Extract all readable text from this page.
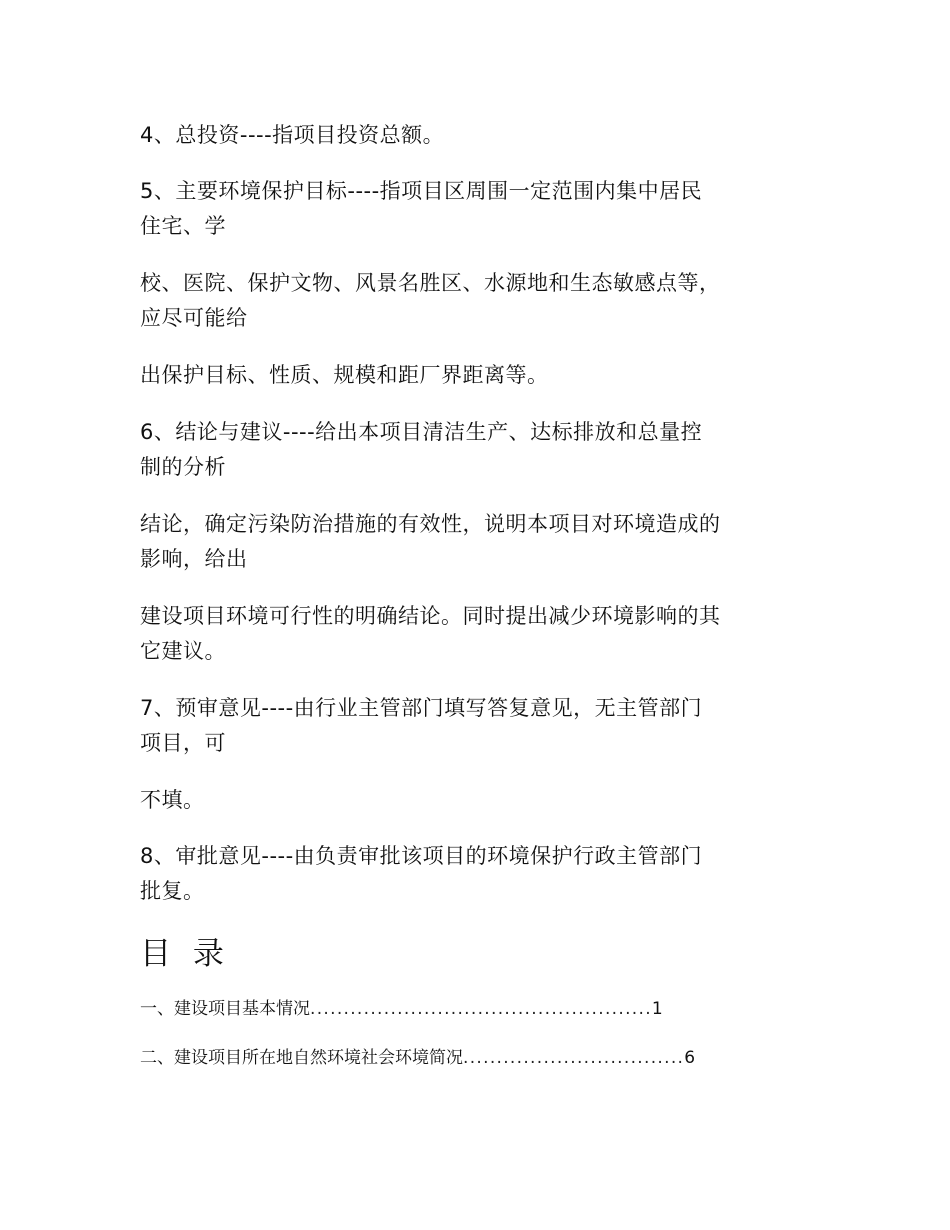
4、总投资----指项目投资总额。

5、主要环境保护目标----指项目区周围一定范围内集中居民
住宅、学

校、医院、保护文物、风景名胜区、水源地和生态敏感点等，
应尽可能给

出保护目标、性质、规模和距厂界距离等。

6、结论与建议----给出本项目清洁生产、达标排放和总量控
制的分析

结论，确定污染防治措施的有效性，说明本项目对环境造成的
影响，给出

建设项目环境可行性的明确结论。同时提出减少环境影响的其
它建议。

7、预审意见----由行业主管部门填写答复意见，无主管部门
项目，可

不填。

8、审批意见----由负责审批该项目的环境保护行政主管部门
批复。

目 录
一、建设项目基本情况 ................................................... 1
二、建设项目所在地自然环境社会环境简况 ................................. 6
